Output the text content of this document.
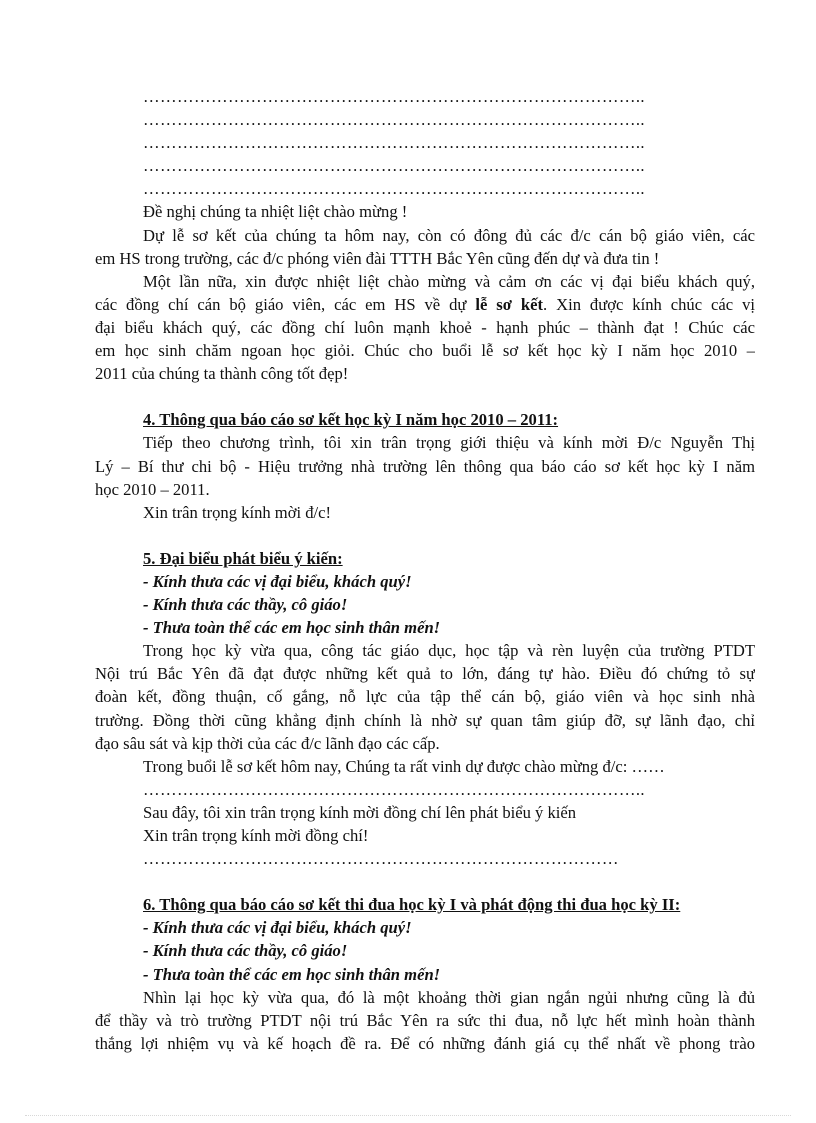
……………………………………………………………………………..
……………………………………………………………………………..
……………………………………………………………………………..
……………………………………………………………………………..
……………………………………………………………………………..
Đề nghị chúng ta nhiệt liệt chào mừng !
Dự lễ sơ kết của chúng ta hôm nay, còn có đông đủ các đ/c cán bộ giáo viên, các
em HS trong trường, các đ/c phóng viên đài TTTH Bắc Yên cũng đến dự và đưa tin !
Một lần nữa, xin được nhiệt liệt chào mừng và cảm ơn các vị đại biểu khách quý,
các đồng chí cán bộ giáo viên, các em HS về dự lễ sơ kết. Xin được kính chúc các vị
đại biểu khách quý, các đồng chí luôn mạnh khoẻ - hạnh phúc – thành đạt ! Chúc các
em học sinh chăm ngoan học giỏi. Chúc cho buổi lễ sơ kết học kỳ I năm học 2010 –
2011 của chúng ta thành công tốt đẹp!
4. Thông qua báo cáo sơ kết học kỳ I năm học 2010 – 2011:
Tiếp theo chương trình, tôi xin trân trọng giới thiệu và kính mời Đ/c Nguyễn Thị
Lý – Bí thư chi bộ - Hiệu trưởng nhà trường lên thông qua báo cáo sơ kết học kỳ I năm
học 2010 – 2011.
Xin trân trọng kính mời đ/c!
5. Đại biểu phát biểu ý kiến:
- Kính thưa các vị đại biểu, khách quý!
- Kính thưa các thầy, cô giáo!
- Thưa toàn thể các em học sinh thân mến!
Trong học kỳ vừa qua, công tác giáo dục, học tập và rèn luyện của trường PTDT
Nội trú Bắc Yên đã đạt được những kết quả to lớn, đáng tự hào. Điều đó chứng tỏ sự
đoàn kết, đồng thuận, cố gắng, nỗ lực của tập thể cán bộ, giáo viên và học sinh nhà
trường. Đồng thời cũng khẳng định chính là nhờ sự quan tâm giúp đỡ, sự lãnh đạo, chỉ
đạo sâu sát và kịp thời của các đ/c lãnh đạo các cấp.
Trong buổi lễ sơ kết hôm nay, Chúng ta rất vinh dự được chào mừng đ/c: ……
……………………………………………………………………………..
Sau đây, tôi xin trân trọng kính mời đồng chí lên phát biểu ý kiến
Xin trân trọng kính mời đồng chí!
…………………………………………………………………………
6. Thông qua báo cáo sơ kết thi đua học kỳ I và phát động thi đua học kỳ II:
- Kính thưa các vị đại biểu, khách quý!
- Kính thưa các thầy, cô giáo!
- Thưa toàn thể các em học sinh thân mến!
Nhìn lại học kỳ vừa qua, đó là một khoảng thời gian ngắn ngủi nhưng cũng là đủ
để thầy và trò trường PTDT nội trú Bắc Yên ra sức thi đua, nỗ lực hết mình hoàn thành
thắng lợi nhiệm vụ và kế hoạch đề ra. Để có những đánh giá cụ thể nhất về phong trào
